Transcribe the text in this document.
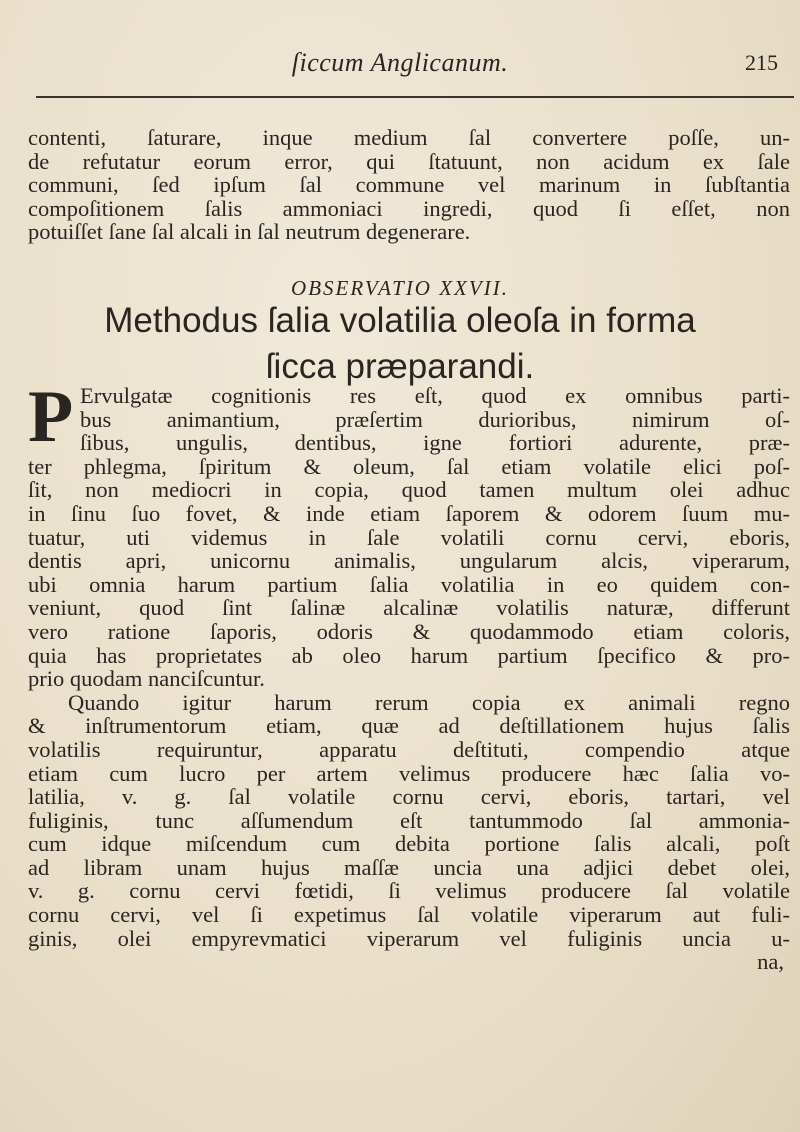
ſiccum Anglicanum.	215
contenti, ſaturare, inque medium ſal convertere poſſe, un-
de refutatur eorum error, qui ſtatuunt, non acidum ex ſale
communi, ſed ipſum ſal commune vel marinum in ſubſtantia
compoſitionem ſalis ammoniaci ingredi, quod ſi eſſet, non
potuiſſet ſane ſal alcali in ſal neutrum degenerare.
OBSERVATIO XXVII.
Methodus ſalia volatilia oleoſa in forma
ſicca præparandi.
P Ervulgatæ cognitionis res eſt, quod ex omnibus parti-
bus animantium, præſertim durioribus, nimirum oſ-
ſibus, ungulis, dentibus, igne fortiori adurente, præ-
ter phlegma, ſpiritum & oleum, ſal etiam volatile elici poſ-
ſit, non mediocri in copia, quod tamen multum olei adhuc
in ſinu ſuo fovet, & inde etiam ſaporem & odorem ſuum mu-
tuatur, uti videmus in ſale volatili cornu cervi, eboris,
dentis apri, unicornu animalis, ungularum alcis, viperarum,
ubi omnia harum partium ſalia volatilia in eo quidem con-
veniunt, quod ſint ſalinæ alcalinæ volatilis naturæ, differunt
vero ratione ſaporis, odoris & quodammodo etiam coloris,
quia has proprietates ab oleo harum partium ſpecifico & pro-
prio quodam nanciſcuntur.
Quando igitur harum rerum copia ex animali regno
& inſtrumentorum etiam, quæ ad deſtillationem hujus ſalis
volatilis requiruntur, apparatu deſtituti, compendio atque
etiam cum lucro per artem velimus producere hæc ſalia vo-
latilia, v. g. ſal volatile cornu cervi, eboris, tartari, vel
fuliginis, tunc aſſumendum eſt tantummodo ſal ammonia-
cum idque miſcendum cum debita portione ſalis alcali, poſt
ad libram unam hujus maſſæ uncia una adjici debet olei,
v. g. cornu cervi fœtidi, ſi velimus producere ſal volatile
cornu cervi, vel ſi expetimus ſal volatile viperarum aut fuli-
ginis, olei empyrevmatici viperarum vel fuliginis uncia u-
na,
